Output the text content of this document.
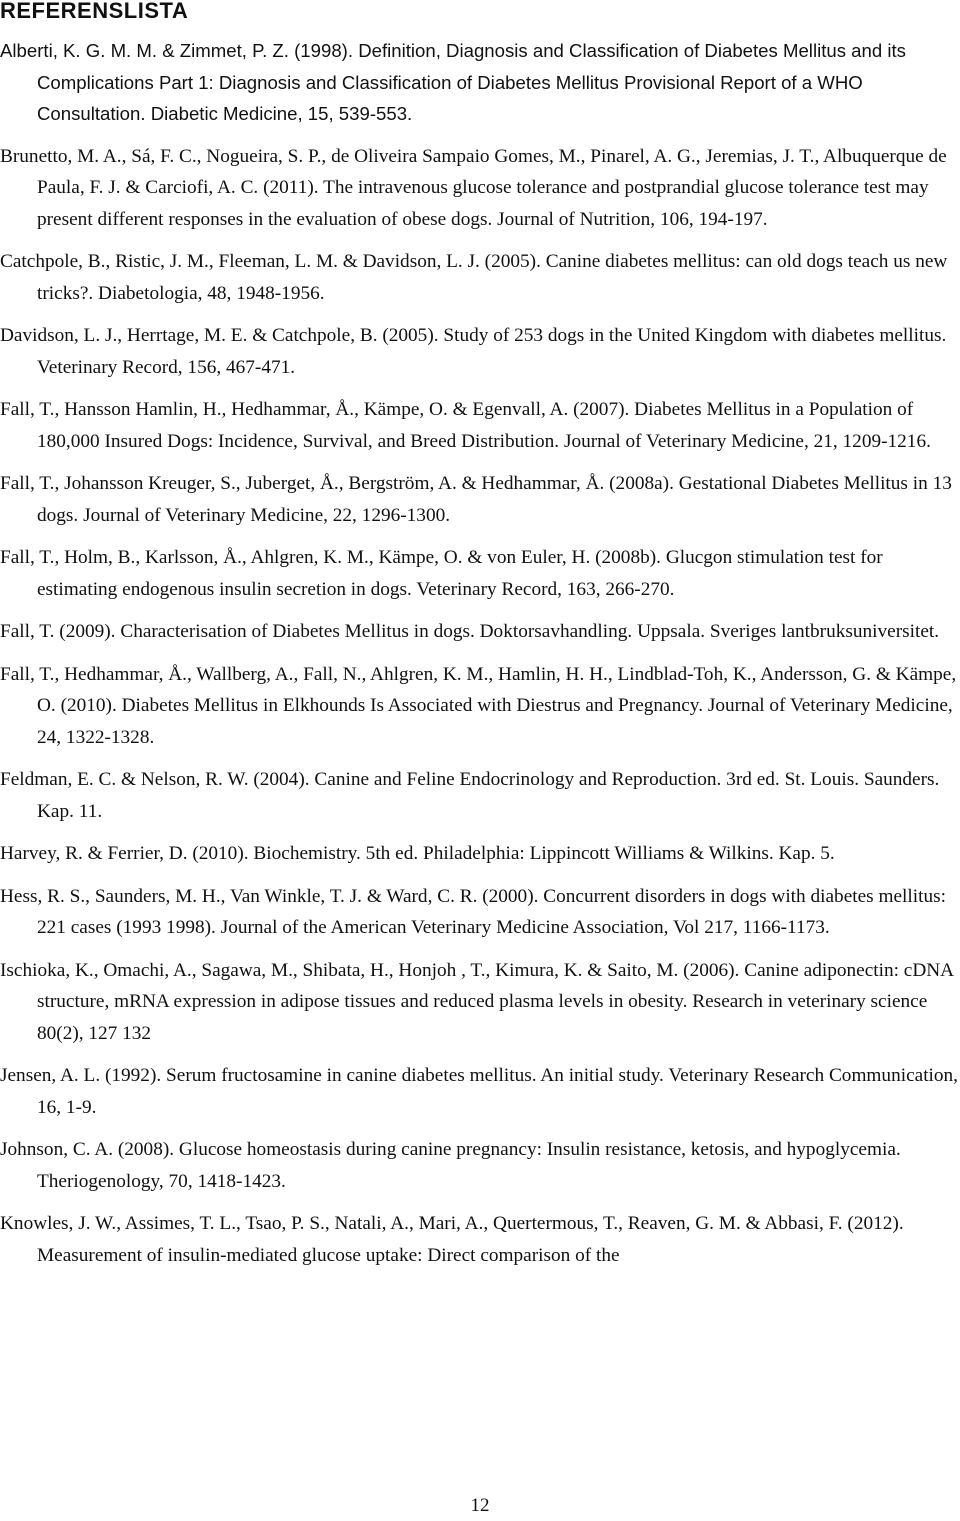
REFERENSLISTA
Alberti, K. G. M. M. & Zimmet, P. Z. (1998). Definition, Diagnosis and Classification of Diabetes Mellitus and its Complications Part 1: Diagnosis and Classification of Diabetes Mellitus Provisional Report of a WHO Consultation. Diabetic Medicine, 15, 539-553.
Brunetto, M. A., Sá, F. C., Nogueira, S. P., de Oliveira Sampaio Gomes, M., Pinarel, A. G., Jeremias, J. T., Albuquerque de Paula, F. J. & Carciofi, A. C. (2011). The intravenous glucose tolerance and postprandial glucose tolerance test may present different responses in the evaluation of obese dogs. Journal of Nutrition, 106, 194-197.
Catchpole, B., Ristic, J. M., Fleeman, L. M. & Davidson, L. J. (2005). Canine diabetes mellitus: can old dogs teach us new tricks?. Diabetologia, 48, 1948-1956.
Davidson, L. J., Herrtage, M. E. & Catchpole, B. (2005). Study of 253 dogs in the United Kingdom with diabetes mellitus. Veterinary Record, 156, 467-471.
Fall, T., Hansson Hamlin, H., Hedhammar, Å., Kämpe, O. & Egenvall, A. (2007). Diabetes Mellitus in a Population of 180,000 Insured Dogs: Incidence, Survival, and Breed Distribution. Journal of Veterinary Medicine, 21, 1209-1216.
Fall, T., Johansson Kreuger, S., Juberget, Å., Bergström, A. & Hedhammar, Å. (2008a). Gestational Diabetes Mellitus in 13 dogs. Journal of Veterinary Medicine, 22, 1296-1300.
Fall, T., Holm, B., Karlsson, Å., Ahlgren, K. M., Kämpe, O. & von Euler, H. (2008b). Glucgon stimulation test for estimating endogenous insulin secretion in dogs. Veterinary Record, 163, 266-270.
Fall, T. (2009). Characterisation of Diabetes Mellitus in dogs. Doktorsavhandling. Uppsala. Sveriges lantbruksuniversitet.
Fall, T., Hedhammar, Å., Wallberg, A., Fall, N., Ahlgren, K. M., Hamlin, H. H., Lindblad-Toh, K., Andersson, G. & Kämpe, O. (2010). Diabetes Mellitus in Elkhounds Is Associated with Diestrus and Pregnancy. Journal of Veterinary Medicine, 24, 1322-1328.
Feldman, E. C. & Nelson, R. W. (2004). Canine and Feline Endocrinology and Reproduction. 3rd ed. St. Louis. Saunders. Kap. 11.
Harvey, R. & Ferrier, D. (2010). Biochemistry. 5th ed. Philadelphia: Lippincott Williams & Wilkins. Kap. 5.
Hess, R. S., Saunders, M. H., Van Winkle, T. J. & Ward, C. R. (2000). Concurrent disorders in dogs with diabetes mellitus: 221 cases (1993 1998). Journal of the American Veterinary Medicine Association, Vol 217, 1166-1173.
Ischioka, K., Omachi, A., Sagawa, M., Shibata, H., Honjoh , T., Kimura, K. & Saito, M. (2006). Canine adiponectin: cDNA structure, mRNA expression in adipose tissues and reduced plasma levels in obesity. Research in veterinary science 80(2), 127 132
Jensen, A. L. (1992). Serum fructosamine in canine diabetes mellitus. An initial study. Veterinary Research Communication, 16, 1-9.
Johnson, C. A. (2008). Glucose homeostasis during canine pregnancy: Insulin resistance, ketosis, and hypoglycemia. Theriogenology, 70, 1418-1423.
Knowles, J. W., Assimes, T. L., Tsao, P. S., Natali, A., Mari, A., Quertermous, T., Reaven, G. M. & Abbasi, F. (2012). Measurement of insulin-mediated glucose uptake: Direct comparison of the
12
